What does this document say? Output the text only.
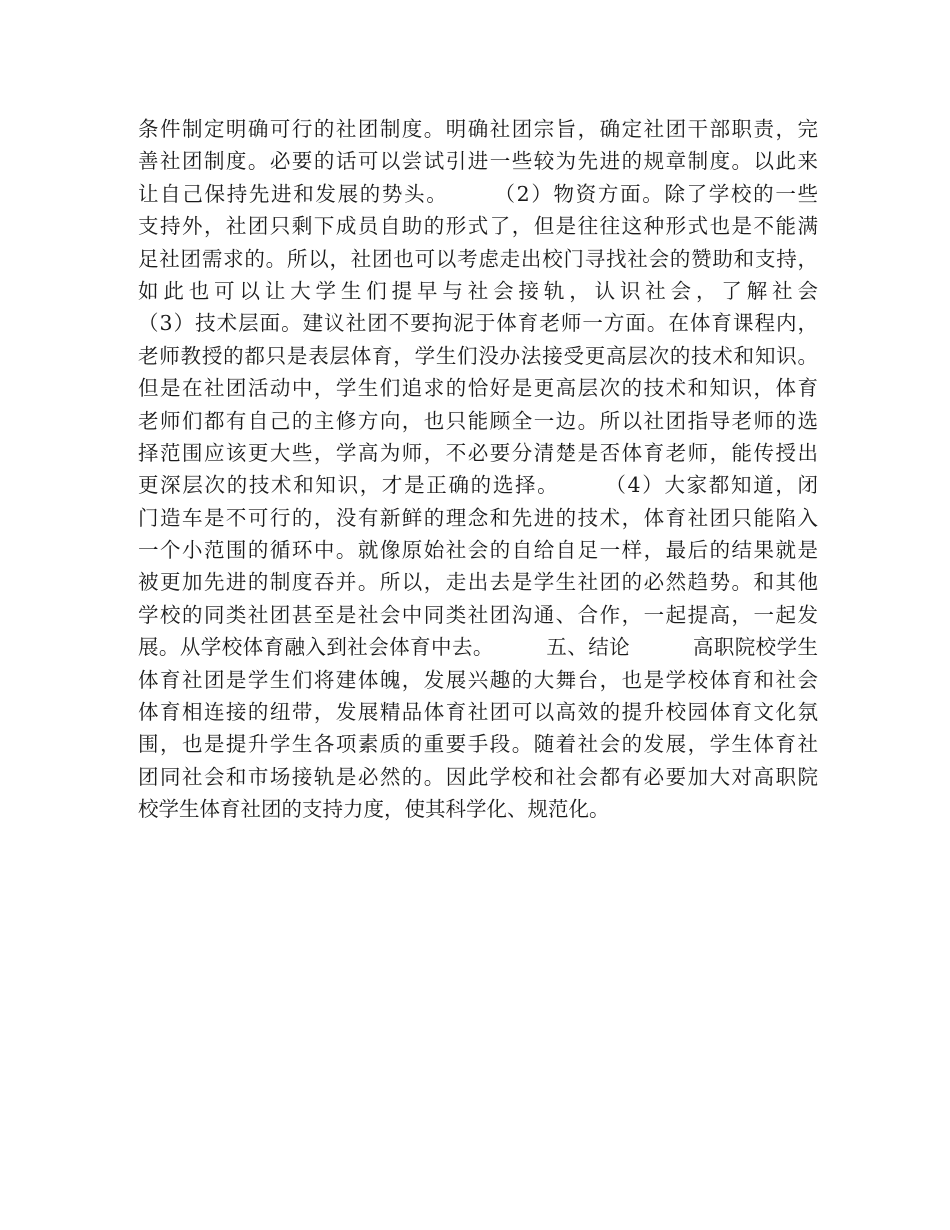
条件制定明确可行的社团制度。明确社团宗旨，确定社团干部职责，完
善社团制度。必要的话可以尝试引进一些较为先进的规章制度。以此来
让自己保持先进和发展的势头。　　　（2）物资方面。除了学校的一些
支持外，社团只剩下成员自助的形式了，但是往往这种形式也是不能满
足社团需求的。所以，社团也可以考虑走出校门寻找社会的赞助和支持，
如此也可以让大学生们提早与社会接轨，认识社会，了解社会
（3）技术层面。建议社团不要拘泥于体育老师一方面。在体育课程内，
老师教授的都只是表层体育，学生们没办法接受更高层次的技术和知识。
但是在社团活动中，学生们追求的恰好是更高层次的技术和知识，体育
老师们都有自己的主修方向，也只能顾全一边。所以社团指导老师的选
择范围应该更大些，学高为师，不必要分清楚是否体育老师，能传授出
更深层次的技术和知识，才是正确的选择。　　　（4）大家都知道，闭
门造车是不可行的，没有新鲜的理念和先进的技术，体育社团只能陷入
一个小范围的循环中。就像原始社会的自给自足一样，最后的结果就是
被更加先进的制度吞并。所以，走出去是学生社团的必然趋势。和其他
学校的同类社团甚至是社会中同类社团沟通、合作，一起提高，一起发
展。从学校体育融入到社会体育中去。　　　五、结论　　　高职院校学生
体育社团是学生们将建体魄，发展兴趣的大舞台，也是学校体育和社会
体育相连接的纽带，发展精品体育社团可以高效的提升校园体育文化氛
围，也是提升学生各项素质的重要手段。随着社会的发展，学生体育社
团同社会和市场接轨是必然的。因此学校和社会都有必要加大对高职院
校学生体育社团的支持力度，使其科学化、规范化。
